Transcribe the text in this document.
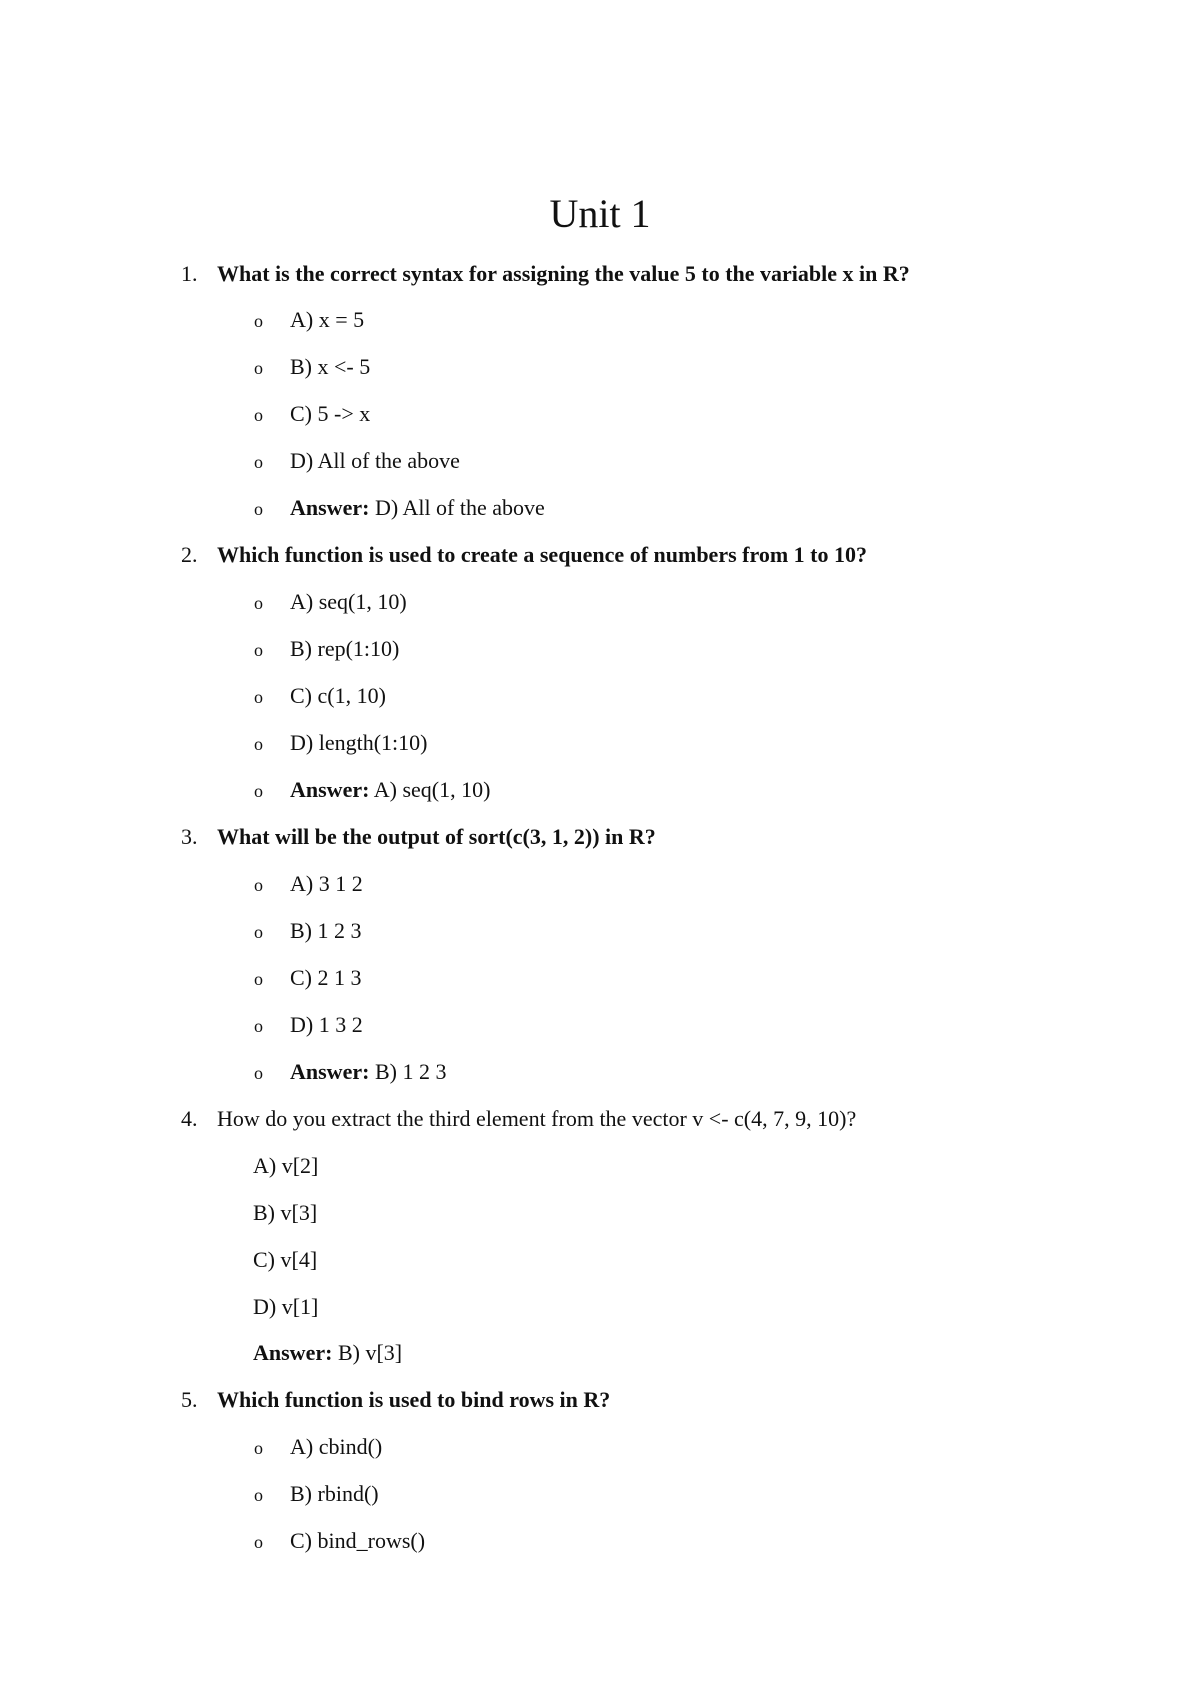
Unit 1
1. What is the correct syntax for assigning the value 5 to the variable x in R?
o A) x = 5
o B) x <- 5
o C) 5 -> x
o D) All of the above
o Answer: D) All of the above
2. Which function is used to create a sequence of numbers from 1 to 10?
o A) seq(1, 10)
o B) rep(1:10)
o C) c(1, 10)
o D) length(1:10)
o Answer: A) seq(1, 10)
3. What will be the output of sort(c(3, 1, 2)) in R?
o A) 3 1 2
o B) 1 2 3
o C) 2 1 3
o D) 1 3 2
o Answer: B) 1 2 3
4. How do you extract the third element from the vector v <- c(4, 7, 9, 10)?
A) v[2]
B) v[3]
C) v[4]
D) v[1]
Answer: B) v[3]
5. Which function is used to bind rows in R?
o A) cbind()
o B) rbind()
o C) bind_rows()
